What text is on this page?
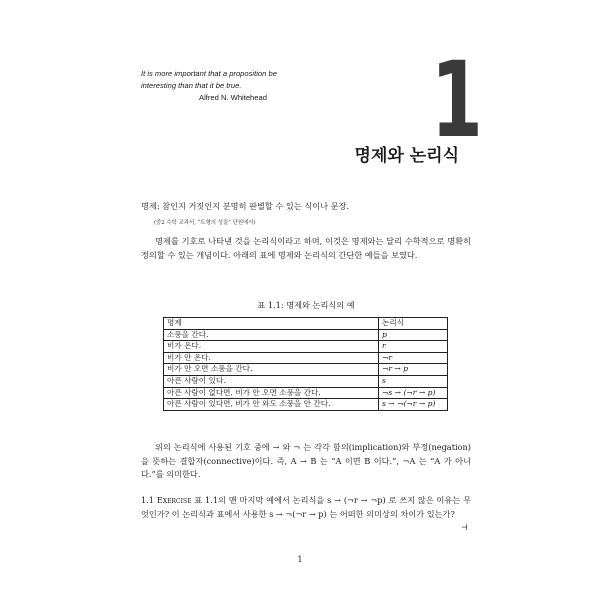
It is more important that a proposition be
interesting than that it be true.
Alfred N. Whitehead	1
명제와 논리식
명제: 참인지 거짓인지 분명히 판별할 수 있는 식이나 문장.
(중2 수학 교과서, “도형의 성질” 단원에서)

명제를 기호로 나타낸 것을 논리식이라고 하며, 이것은 명제와는 달리 수학적으로 명확히 정의할 수 있는 개념이다. 아래의 표에 명제와 논리식의 간단한 예들을 보였다.

표 1.1: 명제와 논리식의 예
명제	논리식
소풍을 간다.	p
비가 온다.	r
비가 안 온다.	¬r
비가 안 오면 소풍을 간다.	¬r → p
아픈 사람이 있다.	s
아픈 사람이 없다면, 비가 안 오면 소풍을 간다.	¬s → (¬r → p)
아픈 사람이 있다면, 비가 안 와도 소풍을 안 간다.	s → ¬(¬r → p)

위의 논리식에 사용된 기호 중에 → 와 ¬ 는 각각 함의(implication)와 부정(negation)을 뜻하는 결합자(connective)이다. 즉, A → B 는 “A 이면 B 이다.”, ¬A 는 “A 가 아니다.”를 의미한다.

1.1 Exercise 표 1.1의 맨 마지막 예에서 논리식을 s → (¬r → ¬p) 로 쓰지 않은 이유는 무엇인가? 이 논리식과 표에서 사용한 s → ¬(¬r → p) 는 어떠한 의미상의 차이가 있는가?

⊣
1
